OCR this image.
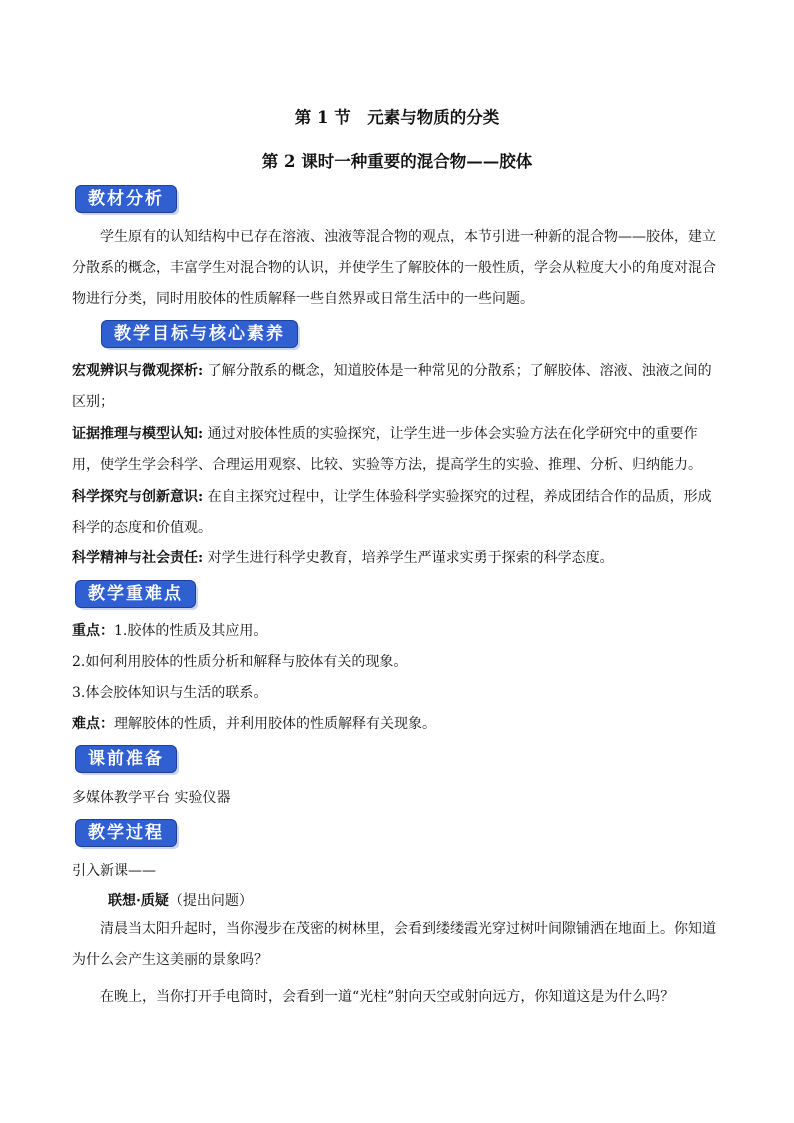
第 1 节　元素与物质的分类
第 2 课时一种重要的混合物——胶体
教材分析

学生原有的认知结构中已存在溶液、浊液等混合物的观点，本节引进一种新的混合物——胶体，建立分散系的概念，丰富学生对混合物的认识，并使学生了解胶体的一般性质，学会从粒度大小的角度对混合物进行分类，同时用胶体的性质解释一些自然界或日常生活中的一些问题。

教学目标与核心素养

宏观辨识与微观探析: 了解分散系的概念，知道胶体是一种常见的分散系；了解胶体、溶液、浊液之间的区别；

证据推理与模型认知: 通过对胶体性质的实验探究，让学生进一步体会实验方法在化学研究中的重要作用，使学生学会科学、合理运用观察、比较、实验等方法，提高学生的实验、推理、分析、归纳能力。

科学探究与创新意识: 在自主探究过程中，让学生体验科学实验探究的过程，养成团结合作的品质，形成科学的态度和价值观。

科学精神与社会责任: 对学生进行科学史教育，培养学生严谨求实勇于探索的科学态度。

教学重难点
重点：1.胶体的性质及其应用。
2.如何利用胶体的性质分析和解释与胶体有关的现象。
3.体会胶体知识与生活的联系。
难点：理解胶体的性质，并利用胶体的性质解释有关现象。
课前准备
多媒体教学平台 实验仪器
教学过程
引入新课——
联想·质疑（提出问题）

清晨当太阳升起时，当你漫步在茂密的树林里，会看到缕缕霞光穿过树叶间隙铺洒在地面上。你知道为什么会产生这美丽的景象吗？

在晚上，当你打开手电筒时，会看到一道“光柱”射向天空或射向远方，你知道这是为什么吗？
